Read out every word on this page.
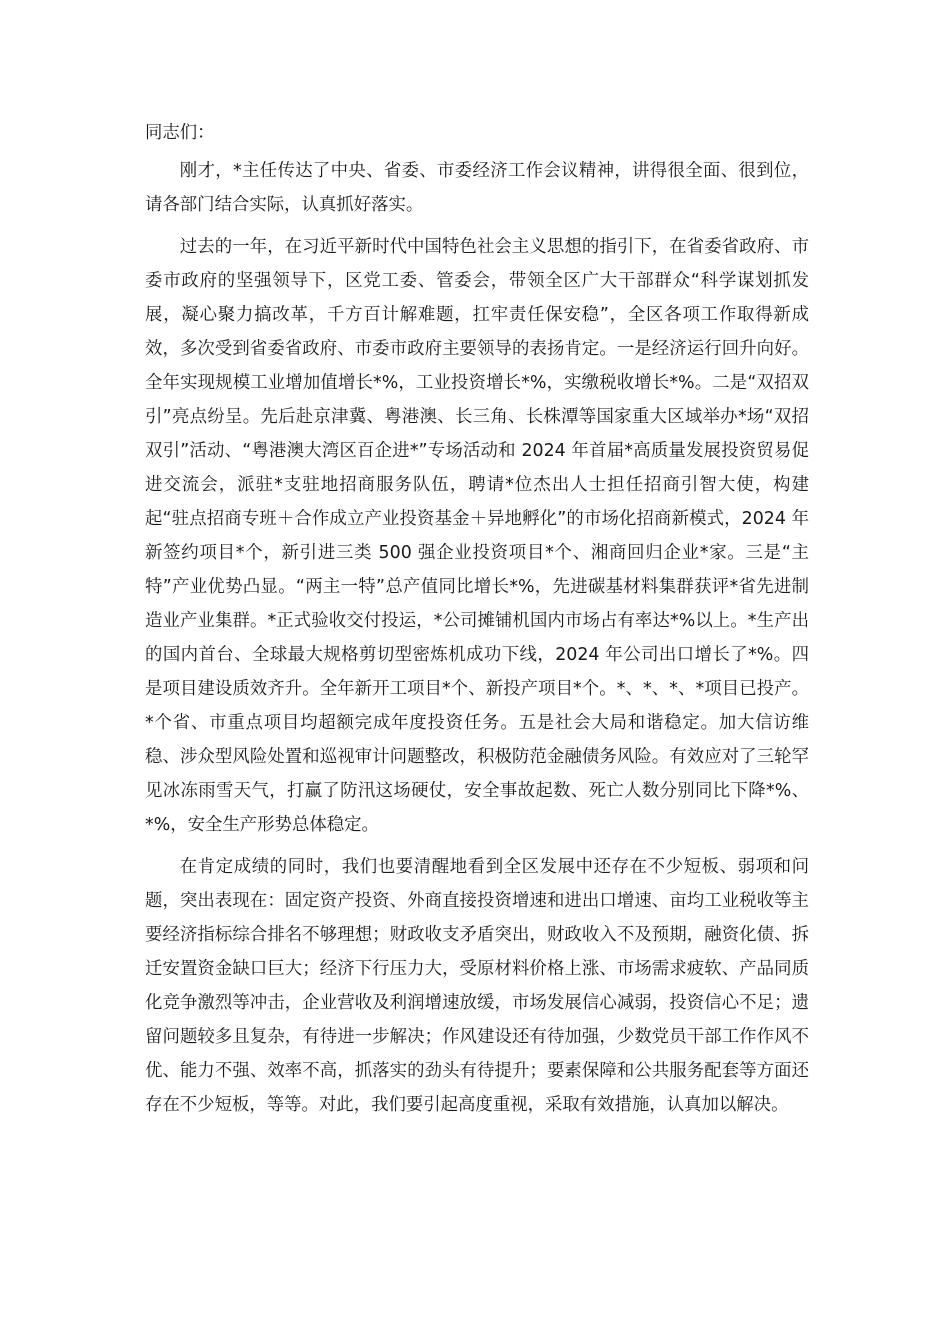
同志们：

刚才，*主任传达了中央、省委、市委经济工作会议精神，讲得很全面、很到位，请各部门结合实际，认真抓好落实。

过去的一年，在习近平新时代中国特色社会主义思想的指引下，在省委省政府、市委市政府的坚强领导下，区党工委、管委会，带领全区广大干部群众“科学谋划抓发展，凝心聚力搞改革，千方百计解难题，扛牢责任保安稳”，全区各项工作取得新成效，多次受到省委省政府、市委市政府主要领导的表扬肯定。一是经济运行回升向好。全年实现规模工业增加值增长*%，工业投资增长*%，实缴税收增长*%。二是“双招双引”亮点纷呈。先后赴京津冀、粤港澳、长三角、长株潭等国家重大区域举办*场“双招双引”活动、“粤港澳大湾区百企进*”专场活动和 2024 年首届*高质量发展投资贸易促进交流会，派驻*支驻地招商服务队伍，聘请*位杰出人士担任招商引智大使，构建起“驻点招商专班＋合作成立产业投资基金＋异地孵化”的市场化招商新模式，2024 年新签约项目*个，新引进三类 500 强企业投资项目*个、湘商回归企业*家。三是“主特”产业优势凸显。“两主一特”总产值同比增长*%，先进碳基材料集群获评*省先进制造业产业集群。*正式验收交付投运，*公司摊铺机国内市场占有率达*%以上。*生产出的国内首台、全球最大规格剪切型密炼机成功下线，2024 年公司出口增长了*%。四是项目建设质效齐升。全年新开工项目*个、新投产项目*个。*、*、*、*项目已投产。*个省、市重点项目均超额完成年度投资任务。五是社会大局和谐稳定。加大信访维稳、涉众型风险处置和巡视审计问题整改，积极防范金融债务风险。有效应对了三轮罕见冰冻雨雪天气，打赢了防汛这场硬仗，安全事故起数、死亡人数分别同比下降*%、*%，安全生产形势总体稳定。

在肯定成绩的同时，我们也要清醒地看到全区发展中还存在不少短板、弱项和问题，突出表现在：固定资产投资、外商直接投资增速和进出口增速、亩均工业税收等主要经济指标综合排名不够理想；财政收支矛盾突出，财政收入不及预期，融资化债、拆迁安置资金缺口巨大；经济下行压力大，受原材料价格上涨、市场需求疲软、产品同质化竞争激烈等冲击，企业营收及利润增速放缓，市场发展信心减弱，投资信心不足；遗留问题较多且复杂，有待进一步解决；作风建设还有待加强，少数党员干部工作作风不优、能力不强、效率不高，抓落实的劲头有待提升；要素保障和公共服务配套等方面还存在不少短板，等等。对此，我们要引起高度重视，采取有效措施，认真加以解决。
